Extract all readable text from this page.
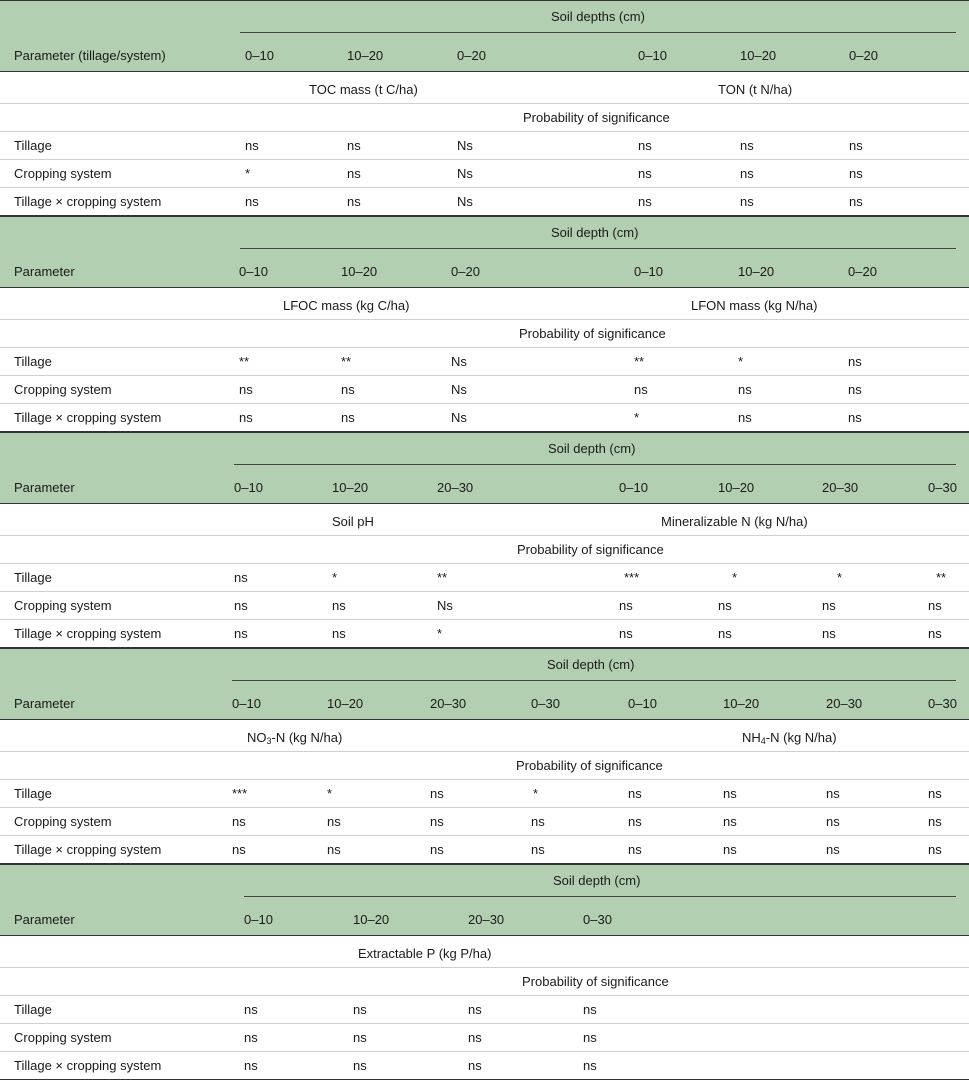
Soil depths (cm)
Parameter (tillage/system)	0–10	10–20	0–20	0–10	10–20	0–20
TOC mass (t C/ha)	TON (t N/ha)
Probability of significance
Tillage	ns	ns	Ns	ns	ns	ns
Cropping system	*	ns	Ns	ns	ns	ns
Tillage × cropping system	ns	ns	Ns	ns	ns	ns
Soil depth (cm)
Parameter	0–10	10–20	0–20	0–10	10–20	0–20
LFOC mass (kg C/ha)	LFON mass (kg N/ha)
Probability of significance
Tillage	**	**	Ns	**	*	ns
Cropping system	ns	ns	Ns	ns	ns	ns
Tillage × cropping system	ns	ns	Ns	*	ns	ns
Soil depth (cm)
Parameter	0–10	10–20	20–30	0–10	10–20	20–30	0–30
Soil pH	Mineralizable N (kg N/ha)
Probability of significance
Tillage	ns	*	**	***	*	*	**
Cropping system	ns	ns	Ns	ns	ns	ns	ns
Tillage × cropping system	ns	ns	*	ns	ns	ns	ns
Soil depth (cm)
Parameter	0–10	10–20	20–30	0–30	0–10	10–20	20–30	0–30
$NO_3-N$ (kg N/ha)	$NH_4-N$ (kg N/ha)
Probability of significance
Tillage	***	*	ns	*	ns	ns	ns	ns
Cropping system	ns	ns	ns	ns	ns	ns	ns	ns
Tillage × cropping system	ns	ns	ns	ns	ns	ns	ns	ns
Soil depth (cm)
Parameter	0–10	10–20	20–30	0–30
Extractable P (kg P/ha)
Probability of significance
Tillage	ns	ns	ns	ns
Cropping system	ns	ns	ns	ns
Tillage × cropping system	ns	ns	ns	ns
